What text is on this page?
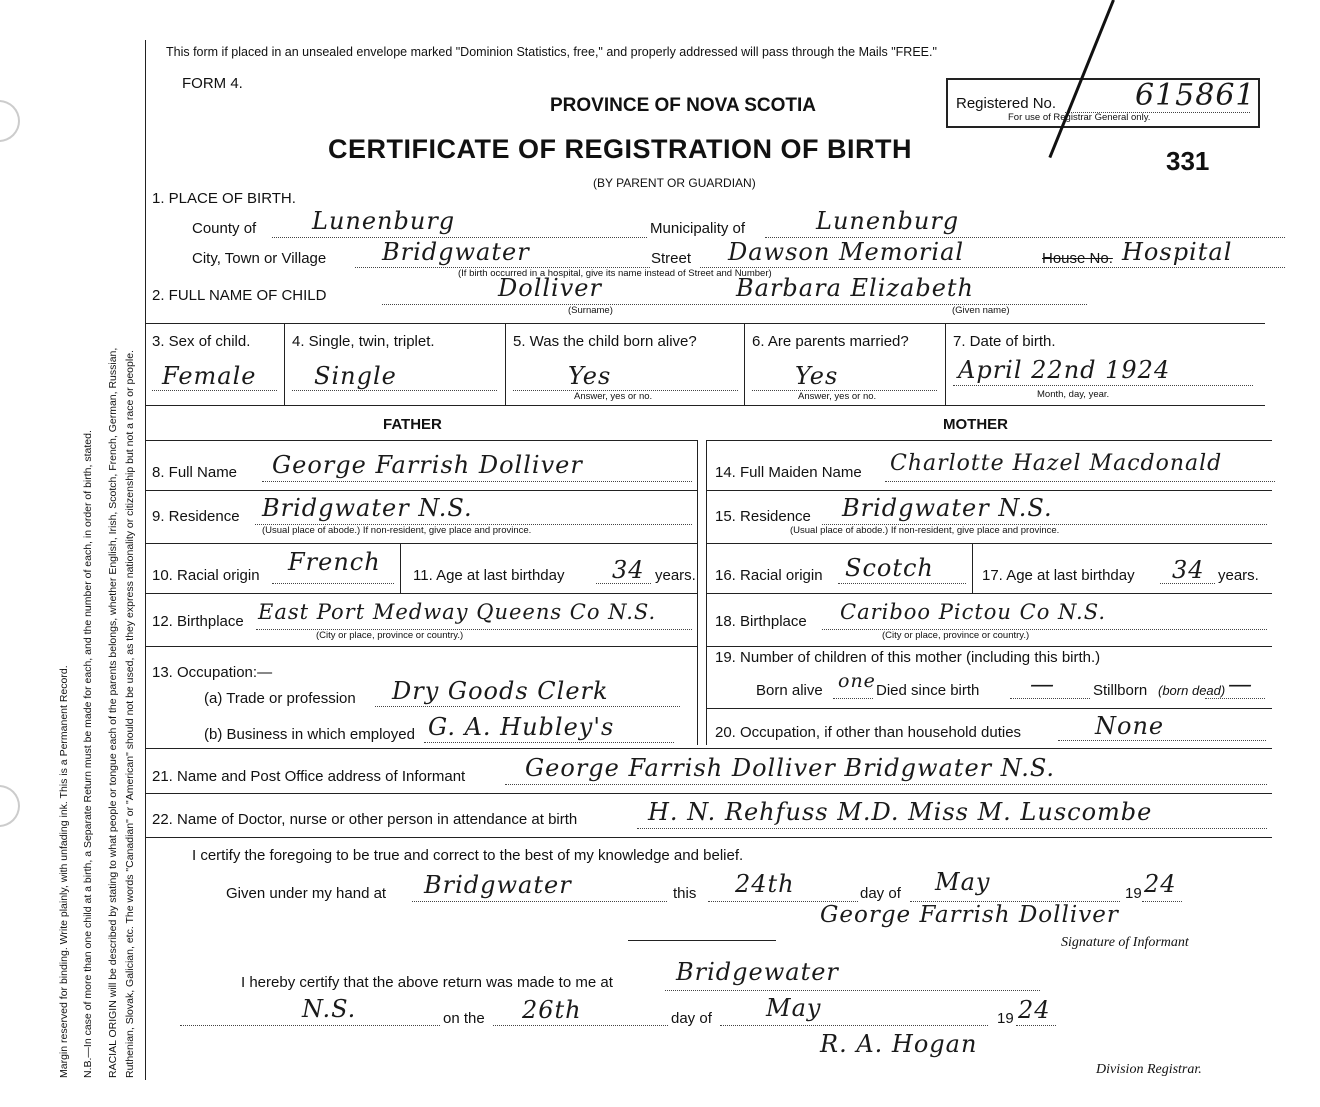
Margin reserved for binding. Write plainly, with unfading ink. This is a Permanent Record. N.B.—In case of more than one child at a birth, a Separate Return must be made for each, and the number of each, in order of birth, stated. RACIAL ORIGIN will be described by stating to what people or tongue each of the parents belongs, whether English, Irish, Scotch, French, German, Russian, Ruthenian, Slovak, Galician, etc. The words "Canadian" or "American" should not be used, as they express nationality or citizenship but not a race or people.
This form if placed in an unsealed envelope marked "Dominion Statistics, free," and properly addressed will pass through the Mails "FREE."
FORM 4.
PROVINCE OF NOVA SCOTIA
CERTIFICATE OF REGISTRATION OF BIRTH
(BY PARENT OR GUARDIAN)
Registered No.	615861
For use of Registrar General only.
331
1. PLACE OF BIRTH.
County of Lunenburg	Municipality of	Lunenburg
City, Town or Village Bridgwater	Street Dawson Memorial	House No. Hospital
(If birth occurred in a hospital, give its name instead of Street and Number)
2. FULL NAME OF CHILD	Dolliver	Barbara Elizabeth
(Surname)	(Given name)
3. Sex of child.
Female
4. Single, twin, triplet.
Single
5. Was the child born alive?
Yes
Answer, yes or no.
6. Are parents married?
Yes
Answer, yes or no.
7. Date of birth.
April 22nd 1924
Month, day, year.
FATHER	MOTHER
8. Full Name George Farrish Dolliver
9. Residence Bridgwater N.S.
(Usual place of abode.) If non-resident, give place and province.
10. Racial origin French 11. Age at last birthday 34 years.
12. Birthplace East Port Medway Queens Co N.S.
(City or place, province or country.)
13. Occupation:—
(a) Trade or profession Dry Goods Clerk
(b) Business in which employed G. A. Hubley's
14. Full Maiden Name Charlotte Hazel Macdonald
15. Residence Bridgwater N.S.
(Usual place of abode.) If non-resident, give place and province.
16. Racial origin Scotch	17. Age at last birthday 34 years.
18. Birthplace Cariboo Pictou Co N.S.
(City or place, province or country.)
19. Number of children of this mother (including this birth.)
Born alive one Died since birth —	Stillborn (born dead) —
20. Occupation, if other than household duties	None
21. Name and Post Office address of Informant George Farrish Dolliver Bridgwater N.S.
22. Name of Doctor, nurse or other person in attendance at birth	H. N. Rehfuss M.D. Miss M. Luscombe
I certify the foregoing to be true and correct to the best of my knowledge and belief.
Given under my hand at Bridgwater	this 24th	day of May	19 24
George Farrish Dolliver
Signature of Informant
I hereby certify that the above return was made to me at	Bridgewater
N.S.	on the 26th	day of May	19 24
R. A. Hogan
Division Registrar.
